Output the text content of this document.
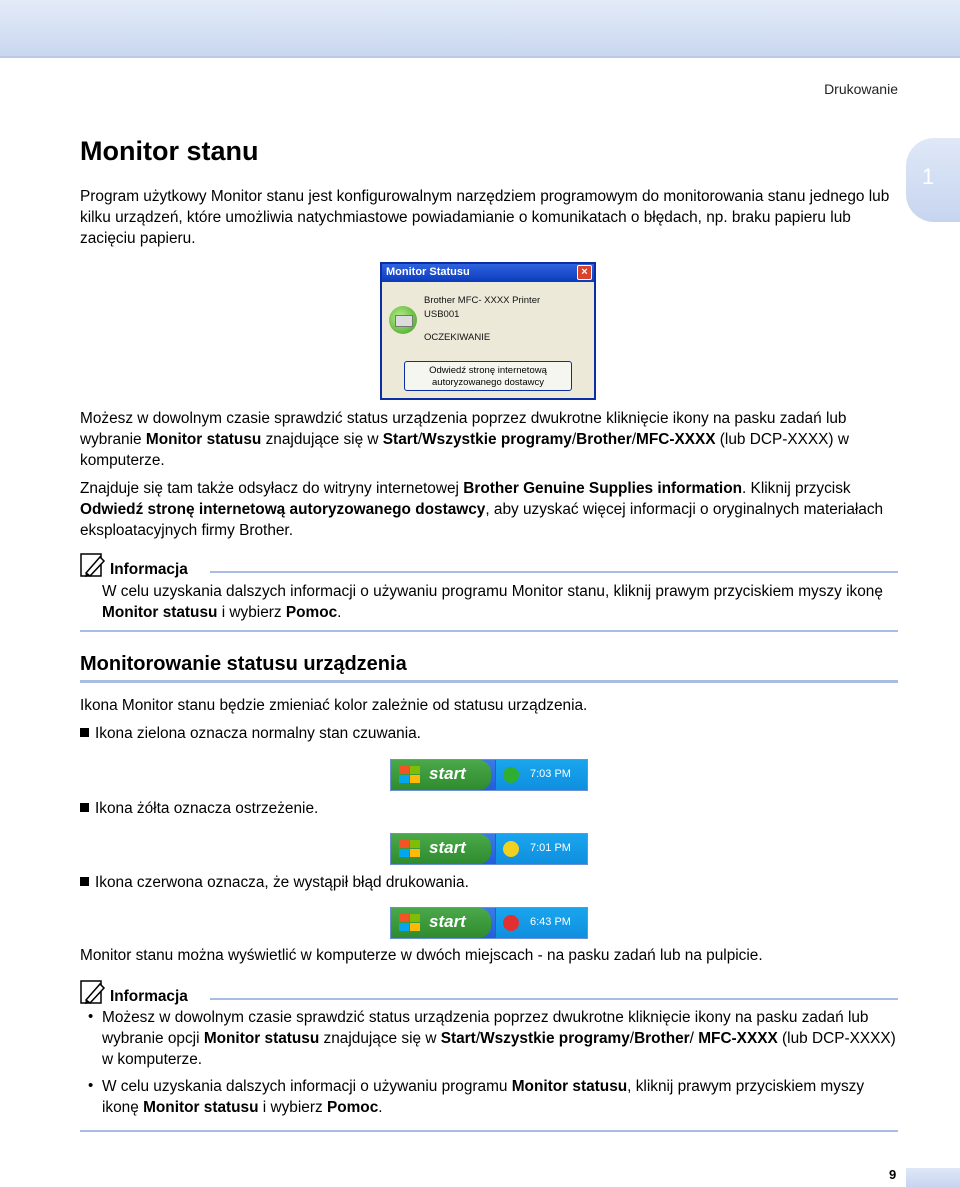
Drukowanie
1
Monitor stanu

Program użytkowy Monitor stanu jest konfigurowalnym narzędziem programowym do monitorowania stanu jednego lub kilku urządzeń, które umożliwia natychmiastowe powiadamianie o komunikatach o błędach, np. braku papieru lub zacięciu papieru.

Monitor Statusu	×
Brother MFC- XXXX Printer
USB001
OCZEKIWANIE
Odwiedź stronę internetową
autoryzowanego dostawcy

Możesz w dowolnym czasie sprawdzić status urządzenia poprzez dwukrotne kliknięcie ikony na pasku zadań lub wybranie Monitor statusu znajdujące się w Start/Wszystkie programy/Brother/MFC-XXXX (lub DCP-XXXX) w komputerze.

Znajduje się tam także odsyłacz do witryny internetowej Brother Genuine Supplies information. Kliknij przycisk Odwiedź stronę internetową autoryzowanego dostawcy, aby uzyskać więcej informacji o oryginalnych materiałach eksploatacyjnych firmy Brother.

Informacja

W celu uzyskania dalszych informacji o używaniu programu Monitor stanu, kliknij prawym przyciskiem myszy ikonę Monitor statusu i wybierz Pomoc.

Monitorowanie statusu urządzenia

Ikona Monitor stanu będzie zmieniać kolor zależnie od statusu urządzenia.

Ikona zielona oznacza normalny stan czuwania.

start	7:03 PM

Ikona żółta oznacza ostrzeżenie.

start	7:01 PM

Ikona czerwona oznacza, że wystąpił błąd drukowania.

start	6:43 PM

Monitor stanu można wyświetlić w komputerze w dwóch miejscach - na pasku zadań lub na pulpicie.

Informacja
• Możesz w dowolnym czasie sprawdzić status urządzenia poprzez dwukrotne kliknięcie ikony na pasku zadań lub wybranie opcji Monitor statusu znajdujące się w Start/Wszystkie programy/Brother/ MFC-XXXX (lub DCP-XXXX) w komputerze.

• W celu uzyskania dalszych informacji o używaniu programu Monitor statusu, kliknij prawym przyciskiem myszy ikonę Monitor statusu i wybierz Pomoc.

9
